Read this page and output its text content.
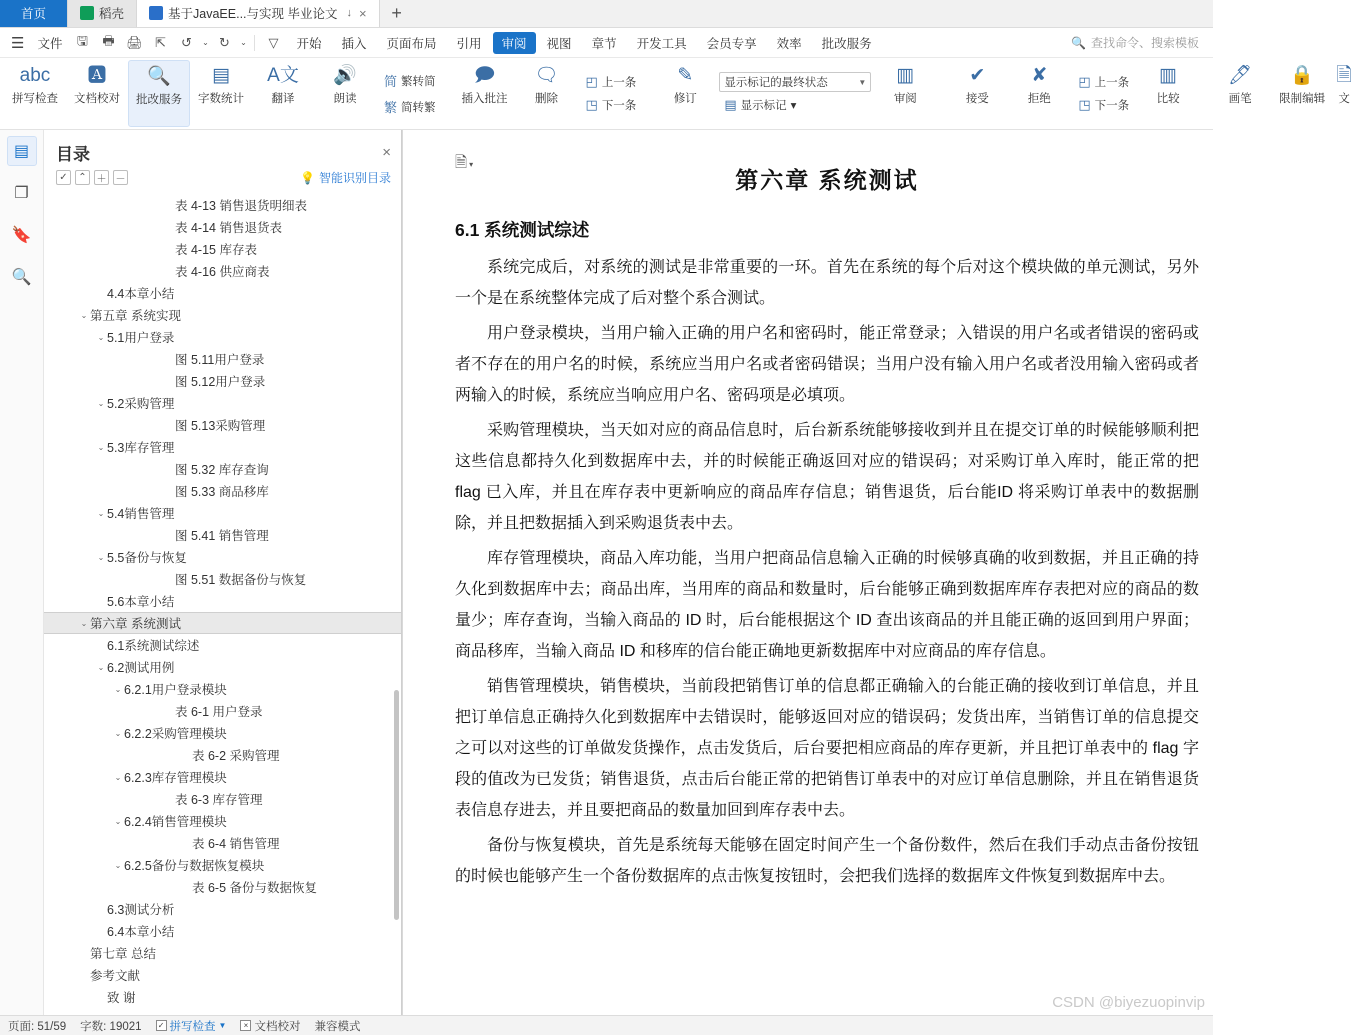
首页	稻壳	基于JavaEE...与实现 毕业论文 ↓ ×	+
☰	文件	🖫	🖶 🖨 ⇱	↺	⌄ ↻	⌄	▽	开始	插入	页面布局	引用	审阅	视图	章节	开发工具	会员专享	效率	批改服务	🔍 查找命令、搜索模板
abc
拼写检查
🅰
文档校对
🔍
批改服务
▤
字数统计
A文
翻译
🔊
朗读
简 繁转简
繁 简转繁
🗩
插入批注
🗨
删除
◰ 上一条
◳ 下一条
✎
修订
显示标记的最终状态	▼
▤ 显示标记 ▾
▥
审阅
✔
接受
✘
拒绝
◰ 上一条
◳ 下一条
▥
比较
🖊
画笔
🔒
限制编辑
🗎
文
▤
❐
🔖
🔍
目录	×
✓	⌃ ＋ －	💡 智能识别目录
表 4-13 销售退货明细表
表 4-14 销售退货表
表 4-15 库存表
表 4-16 供应商表
4.4本章小结
⌄ 第五章 系统实现
⌄ 5.1用户登录
图 5.11用户登录
图 5.12用户登录
⌄ 5.2采购管理
图 5.13采购管理
⌄ 5.3库存管理
图 5.32 库存查询
图 5.33 商品移库
⌄ 5.4销售管理
图 5.41 销售管理
⌄ 5.5备份与恢复
图 5.51 数据备份与恢复
5.6本章小结
⌄ 第六章 系统测试
6.1系统测试综述
⌄ 6.2测试用例
⌄ 6.2.1用户登录模块
表 6-1 用户登录
⌄ 6.2.2采购管理模块
表 6-2 采购管理
⌄ 6.2.3库存管理模块
表 6-3 库存管理
⌄ 6.2.4销售管理模块
表 6-4 销售管理
⌄ 6.2.5备份与数据恢复模块
表 6-5 备份与数据恢复
6.3测试分析
6.4本章小结
第七章 总结
参考文献
致 谢
🗎 ▾
第六章 系统测试
6.1 系统测试综述

系统完成后，对系统的测试是非常重要的一环。首先在系统的每个后对这个模块做的单元测试，另外一个是在系统整体完成了后对整个系合测试。

用户登录模块，当用户输入正确的用户名和密码时，能正常登录；入错误的用户名或者错误的密码或者不存在的用户名的时候，系统应当用户名或者密码错误；当用户没有输入用户名或者没用输入密码或者两输入的时候，系统应当响应用户名、密码项是必填项。

采购管理模块，当天如对应的商品信息时，后台新系统能够接收到并且在提交订单的时候能够顺利把这些信息都持久化到数据库中去，并的时候能正确返回对应的错误码；对采购订单入库时，能正常的把 flag 已入库，并且在库存表中更新响应的商品库存信息；销售退货，后台能ID 将采购订单表中的数据删除，并且把数据插入到采购退货表中去。

库存管理模块，商品入库功能，当用户把商品信息输入正确的时候够真确的收到数据，并且正确的持久化到数据库中去；商品出库，当用库的商品和数量时，后台能够正确到数据库库存表把对应的商品的数量少；库存查询，当输入商品的 ID 时，后台能根据这个 ID 查出该商品的并且能正确的返回到用户界面；商品移库，当输入商品 ID 和移库的信台能正确地更新数据库中对应商品的库存信息。

销售管理模块，销售模块，当前段把销售订单的信息都正确输入的台能正确的接收到订单信息，并且把订单信息正确持久化到数据库中去错误时，能够返回对应的错误码；发货出库，当销售订单的信息提交之可以对这些的订单做发货操作，点击发货后，后台要把相应商品的库存更新，并且把订单表中的 flag 字段的值改为已发货；销售退货，点击后台能正常的把销售订单表中的对应订单信息删除，并且在销售退货表信息存进去，并且要把商品的数量加回到库存表中去。

备份与恢复模块，首先是系统每天能够在固定时间产生一个备份数件，然后在我们手动点击备份按钮的时候也能够产生一个备份数据库的点击恢复按钮时，会把我们选择的数据库文件恢复到数据库中去。

CSDN @biyezuopinvip
页面: 51/59 字数: 19021 ✓ 拼写检查 ▼	× 文档校对 兼容模式
